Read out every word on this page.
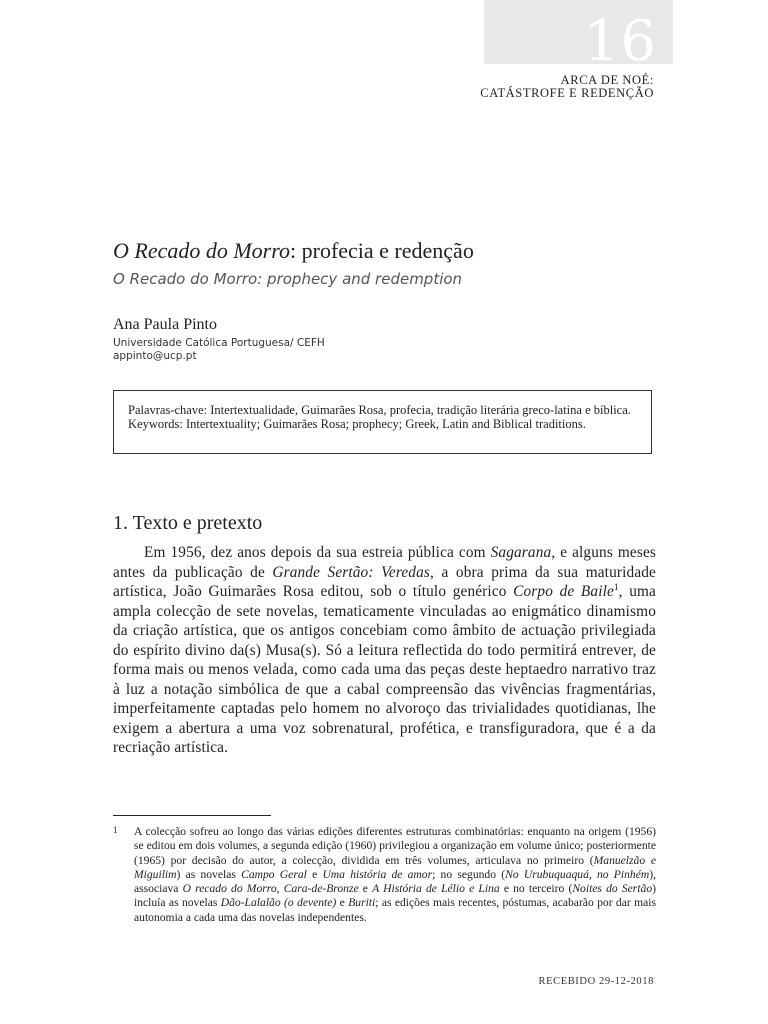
16
ARCA DE NOÉ:
CATÁSTROFE E REDENÇÃO
O Recado do Morro: profecia e redenção
O Recado do Morro: prophecy and redemption
Ana Paula Pinto
Universidade Católica Portuguesa/ CEFH
appinto@ucp.pt
Palavras-chave: Intertextualidade, Guimarães Rosa, profecia, tradição literária greco-latina e bíblica.
Keywords: Intertextuality; Guimarães Rosa; prophecy; Greek, Latin and Biblical traditions.
1. Texto e pretexto

Em 1956, dez anos depois da sua estreia pública com Sagarana, e alguns meses antes da publicação de Grande Sertão: Veredas, a obra prima da sua maturidade artística, João Guimarães Rosa editou, sob o título genérico Corpo de Baile$^1$, uma ampla colecção de sete novelas, tematicamente vinculadas ao enigmático dinamismo da criação artística, que os antigos concebiam como âmbito de actuação privilegiada do espírito divino da(s) Musa(s). Só a leitura reflectida do todo permitirá entrever, de forma mais ou menos velada, como cada uma das peças deste heptaedro narrativo traz à luz a notação simbólica de que a cabal compreensão das vivências fragmentárias, imperfeitamente captadas pelo homem no alvoroço das trivialidades quotidianas, lhe exigem a abertura a uma voz sobrenatural, profética, e transfiguradora, que é a da recriação artística.

1 A colecção sofreu ao longo das várias edições diferentes estruturas combinatórias: enquanto na origem (1956) se editou em dois volumes, a segunda edição (1960) privilegiou a organização em volume único; posteriormente (1965) por decisão do autor, a colecção, dividida em três volumes, articulava no primeiro (Manuelzão e Miguilim) as novelas Campo Geral e Uma história de amor; no segundo (No Urubuquaquá, no Pinhém), associava O recado do Morro, Cara-de-Bronze e A História de Lélio e Lina e no terceiro (Noites do Sertão) incluía as novelas Dão-Lalalão (o devente) e Buriti; as edições mais recentes, póstumas, acabarão por dar mais autonomia a cada uma das novelas independentes.
RECEBIDO 29-12-2018
